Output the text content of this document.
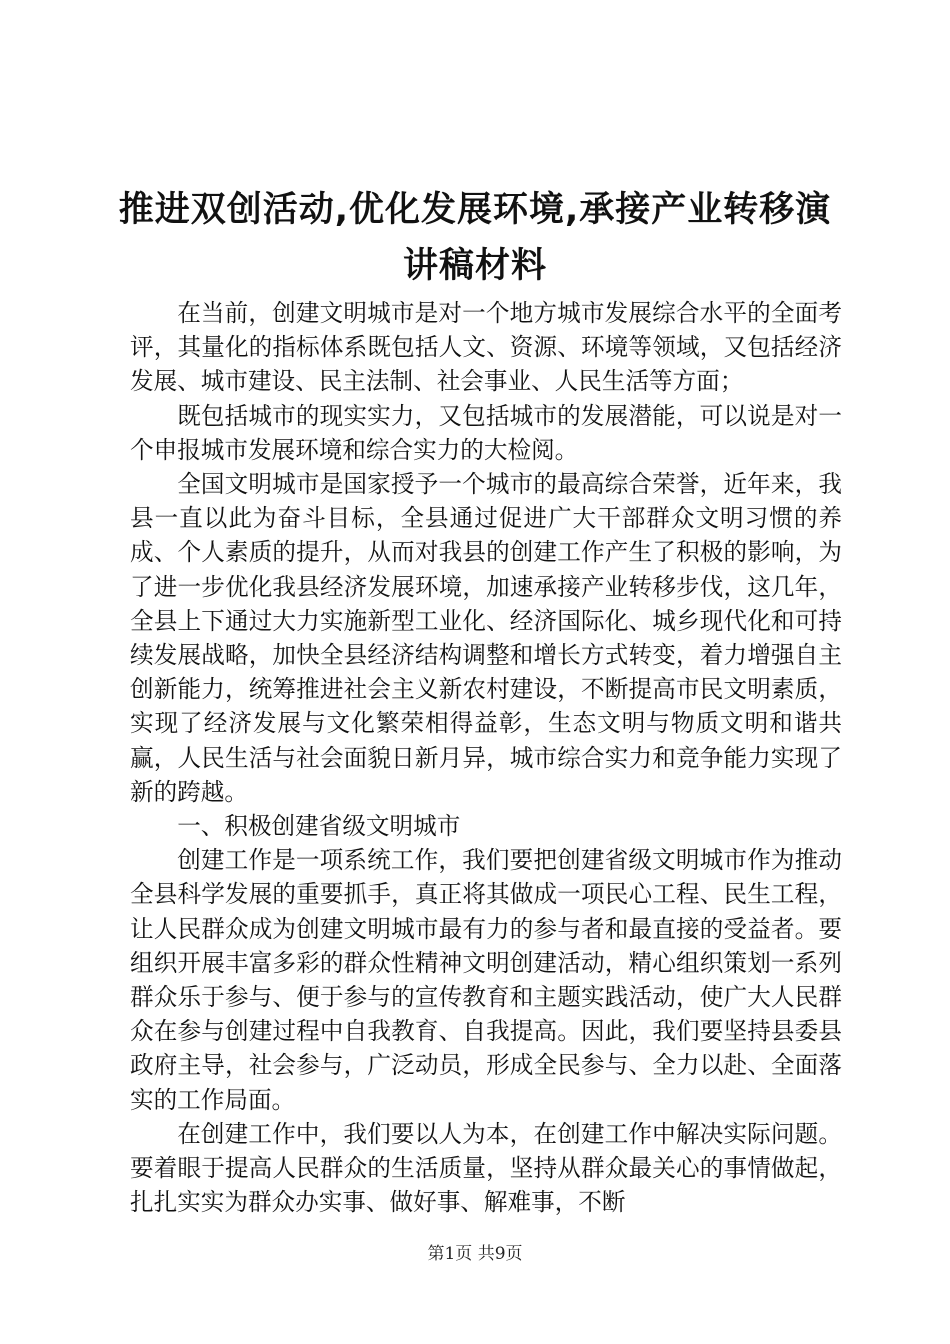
推进双创活动,优化发展环境,承接产业转移演
讲稿材料

在当前，创建文明城市是对一个地方城市发展综合水平的全面考评，其量化的指标体系既包括人文、资源、环境等领域，又包括经济发展、城市建设、民主法制、社会事业、人民生活等方面；

既包括城市的现实实力，又包括城市的发展潜能，可以说是对一个申报城市发展环境和综合实力的大检阅。

全国文明城市是国家授予一个城市的最高综合荣誉，近年来，我县一直以此为奋斗目标，全县通过促进广大干部群众文明习惯的养成、个人素质的提升，从而对我县的创建工作产生了积极的影响，为了进一步优化我县经济发展环境，加速承接产业转移步伐，这几年，全县上下通过大力实施新型工业化、经济国际化、城乡现代化和可持续发展战略，加快全县经济结构调整和增长方式转变，着力增强自主创新能力，统筹推进社会主义新农村建设，不断提高市民文明素质，实现了经济发展与文化繁荣相得益彰，生态文明与物质文明和谐共赢，人民生活与社会面貌日新月异，城市综合实力和竞争能力实现了新的跨越。

一、积极创建省级文明城市

创建工作是一项系统工作，我们要把创建省级文明城市作为推动全县科学发展的重要抓手，真正将其做成一项民心工程、民生工程，让人民群众成为创建文明城市最有力的参与者和最直接的受益者。要组织开展丰富多彩的群众性精神文明创建活动，精心组织策划一系列群众乐于参与、便于参与的宣传教育和主题实践活动，使广大人民群众在参与创建过程中自我教育、自我提高。因此，我们要坚持县委县政府主导，社会参与，广泛动员，形成全民参与、全力以赴、全面落实的工作局面。

在创建工作中，我们要以人为本，在创建工作中解决实际问题。要着眼于提高人民群众的生活质量，坚持从群众最关心的事情做起，扎扎实实为群众办实事、做好事、解难事，不断

第1页 共9页
